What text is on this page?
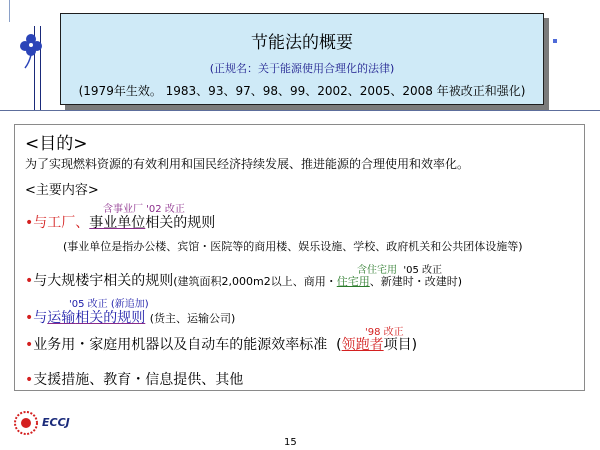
节能法的概要
(正规名：关于能源使用合理化的法律)
(1979年生效。 1983、93、97、98、99、2002、2005、2008 年被改正和强化)
<目的>
为了实现燃料资源的有效利用和国民经济持续发展、推进能源的合理使用和效率化。
<主要内容>
含事业厂 '02 改正
•与工厂、事业单位相关的规则
(事业单位是指办公楼、宾馆・医院等的商用楼、娱乐设施、学校、政府机关和公共团体设施等)
含住宅用 '05 改正
•与大规楼宇相关的规则(建筑面积2,000m2以上、商用・住宅用、新建时・改建时)
'05 改正 (新追加)
•与运输相关的规则 (货主、运输公司)
'98 改正
•业务用・家庭用机器以及自动车的能源效率标准 (领跑者项目)
•支援措施、教育・信息提供、其他
ECCJ
15
